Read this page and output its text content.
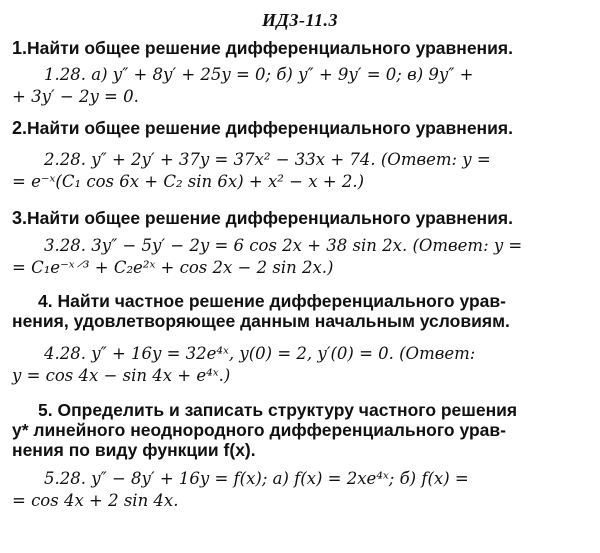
ИДЗ-11.3
1.Найти общее решение дифференциального уравнения.
1.28. а) y″ + 8y′ + 25y = 0; б) y″ + 9y′ = 0; в) 9y″ +
+ 3y′ − 2y = 0.
2.Найти общее решение дифференциального уравнения.
2.28. y″ + 2y′ + 37y = 37x² − 33x + 74. (Ответ: y =
= e⁻ˣ(C₁ cos 6x + C₂ sin 6x) + x² − x + 2.)
3.Найти общее решение дифференциального уравнения.
3.28. 3y″ − 5y′ − 2y = 6 cos 2x + 38 sin 2x. (Ответ: y =
= C₁e⁻ˣ⸍³ + C₂e²ˣ + cos 2x − 2 sin 2x.)
4. Найти частное решение дифференциального урав-
нения, удовлетворяющее данным начальным условиям.
4.28. y″ + 16y = 32e⁴ˣ, y(0) = 2, y′(0) = 0. (Ответ:
y = cos 4x − sin 4x + e⁴ˣ.)
5. Определить и записать структуру частного решения
y* линейного неоднородного дифференциального урав-
нения по виду функции f(x).
5.28. y″ − 8y′ + 16y = f(x); а) f(x) = 2xe⁴ˣ; б) f(x) =
= cos 4x + 2 sin 4x.
